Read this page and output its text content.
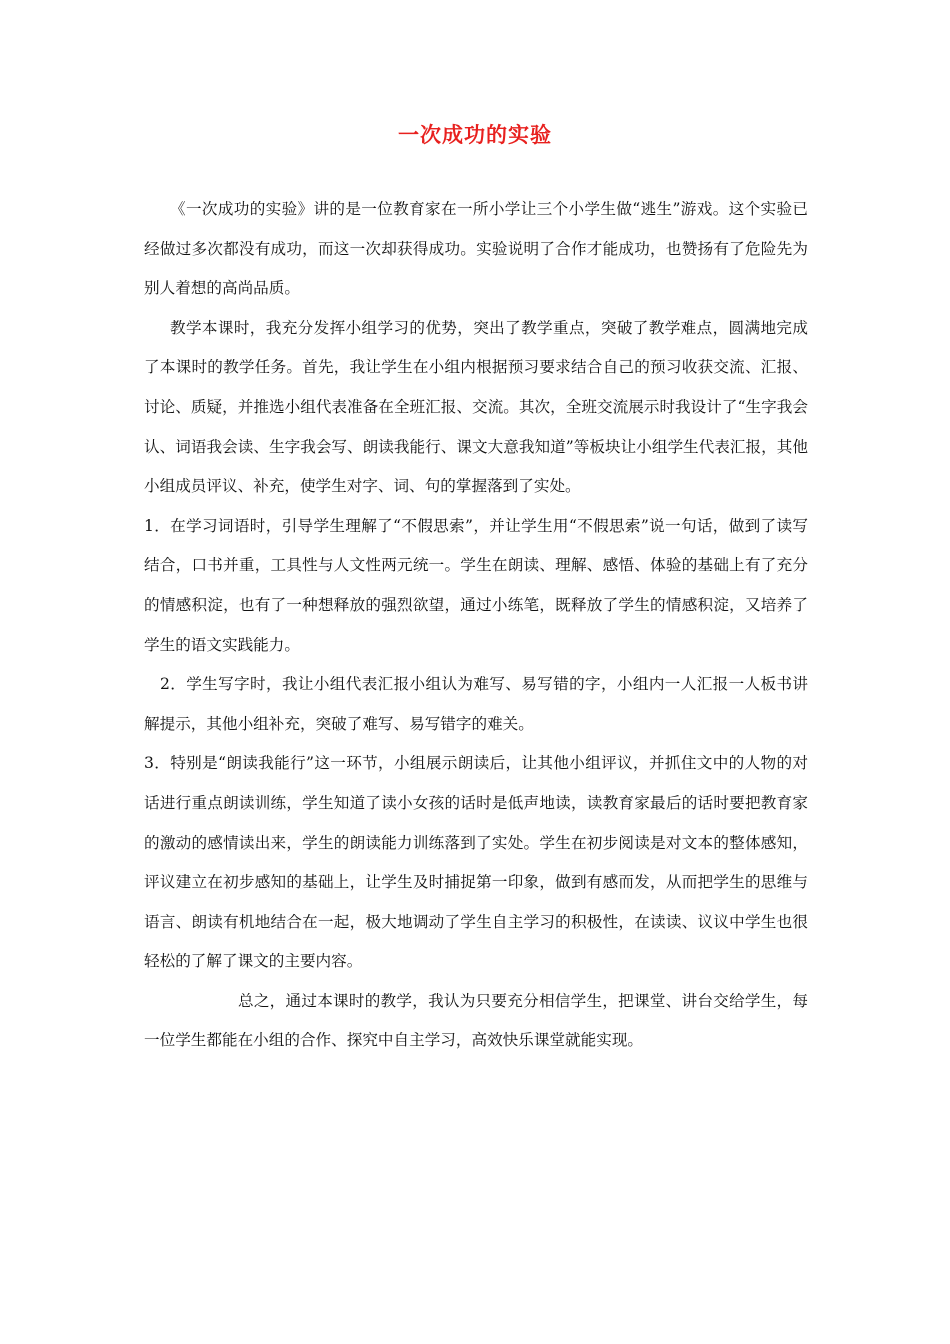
一次成功的实验

《一次成功的实验》讲的是一位教育家在一所小学让三个小学生做“逃生”游戏。这个实验已经做过多次都没有成功，而这一次却获得成功。实验说明了合作才能成功，也赞扬有了危险先为别人着想的高尚品质。

教学本课时，我充分发挥小组学习的优势，突出了教学重点，突破了教学难点，圆满地完成了本课时的教学任务。首先，我让学生在小组内根据预习要求结合自己的预习收获交流、汇报、讨论、质疑，并推选小组代表准备在全班汇报、交流。其次，全班交流展示时我设计了“生字我会认、词语我会读、生字我会写、朗读我能行、课文大意我知道”等板块让小组学生代表汇报，其他小组成员评议、补充，使学生对字、词、句的掌握落到了实处。

1．在学习词语时，引导学生理解了“不假思索”，并让学生用“不假思索”说一句话，做到了读写结合，口书并重，工具性与人文性两元统一。学生在朗读、理解、感悟、体验的基础上有了充分的情感积淀，也有了一种想释放的强烈欲望，通过小练笔，既释放了学生的情感积淀，又培养了学生的语文实践能力。

2．学生写字时，我让小组代表汇报小组认为难写、易写错的字，小组内一人汇报一人板书讲解提示，其他小组补充，突破了难写、易写错字的难关。

3．特别是“朗读我能行”这一环节，小组展示朗读后，让其他小组评议，并抓住文中的人物的对话进行重点朗读训练，学生知道了读小女孩的话时是低声地读，读教育家最后的话时要把教育家的激动的感情读出来，学生的朗读能力训练落到了实处。学生在初步阅读是对文本的整体感知，评议建立在初步感知的基础上，让学生及时捕捉第一印象，做到有感而发，从而把学生的思维与语言、朗读有机地结合在一起，极大地调动了学生自主学习的积极性，在读读、议议中学生也很轻松的了解了课文的主要内容。

总之，通过本课时的教学，我认为只要充分相信学生，把课堂、讲台交给学生，每一位学生都能在小组的合作、探究中自主学习，高效快乐课堂就能实现。
